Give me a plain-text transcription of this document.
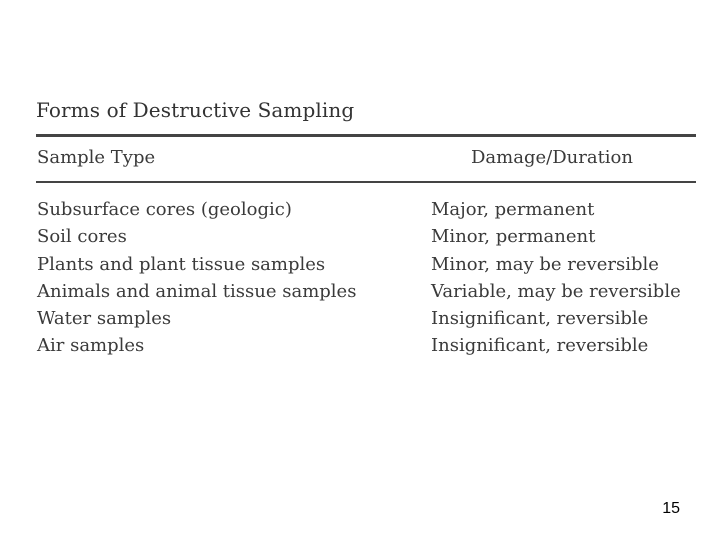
Forms of Destructive Sampling
Sample Type	Damage/Duration
Subsurface cores (geologic)	Major, permanent
Soil cores	Minor, permanent
Plants and plant tissue samples	Minor, may be reversible
Animals and animal tissue samples	Variable, may be reversible
Water samples	Insignificant, reversible
Air samples	Insignificant, reversible
15
